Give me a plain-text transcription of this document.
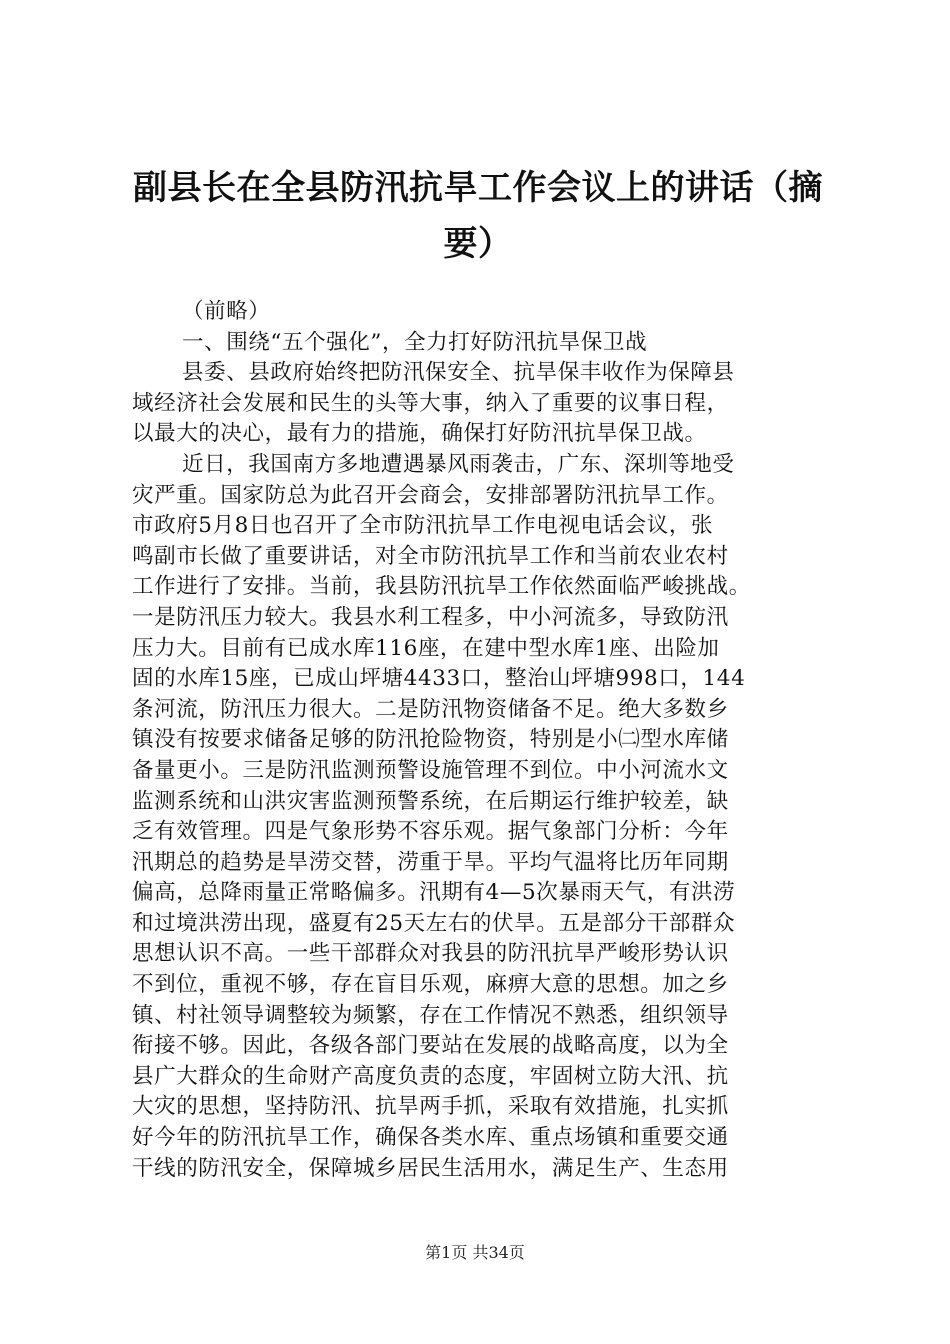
副县长在全县防汛抗旱工作会议上的讲话（摘
要）
（前略）
一、围绕“五个强化”，全力打好防汛抗旱保卫战
县委、县政府始终把防汛保安全、抗旱保丰收作为保障县
域经济社会发展和民生的头等大事，纳入了重要的议事日程，
以最大的决心，最有力的措施，确保打好防汛抗旱保卫战。
近日，我国南方多地遭遇暴风雨袭击，广东、深圳等地受
灾严重。国家防总为此召开会商会，安排部署防汛抗旱工作。
市政府5月8日也召开了全市防汛抗旱工作电视电话会议，张
鸣副市长做了重要讲话，对全市防汛抗旱工作和当前农业农村
工作进行了安排。当前，我县防汛抗旱工作依然面临严峻挑战。
一是防汛压力较大。我县水利工程多，中小河流多，导致防汛
压力大。目前有已成水库116座，在建中型水库1座、出险加
固的水库15座，已成山坪塘4433口，整治山坪塘998口，144
条河流，防汛压力很大。二是防汛物资储备不足。绝大多数乡
镇没有按要求储备足够的防汛抢险物资，特别是小㈡型水库储
备量更小。三是防汛监测预警设施管理不到位。中小河流水文
监测系统和山洪灾害监测预警系统，在后期运行维护较差，缺
乏有效管理。四是气象形势不容乐观。据气象部门分析：今年
汛期总的趋势是旱涝交替，涝重于旱。平均气温将比历年同期
偏高，总降雨量正常略偏多。汛期有4—5次暴雨天气，有洪涝
和过境洪涝出现，盛夏有25天左右的伏旱。五是部分干部群众
思想认识不高。一些干部群众对我县的防汛抗旱严峻形势认识
不到位，重视不够，存在盲目乐观，麻痹大意的思想。加之乡
镇、村社领导调整较为频繁，存在工作情况不熟悉，组织领导
衔接不够。因此，各级各部门要站在发展的战略高度，以为全
县广大群众的生命财产高度负责的态度，牢固树立防大汛、抗
大灾的思想，坚持防汛、抗旱两手抓，采取有效措施，扎实抓
好今年的防汛抗旱工作，确保各类水库、重点场镇和重要交通
干线的防汛安全，保障城乡居民生活用水，满足生产、生态用
第1页 共34页
